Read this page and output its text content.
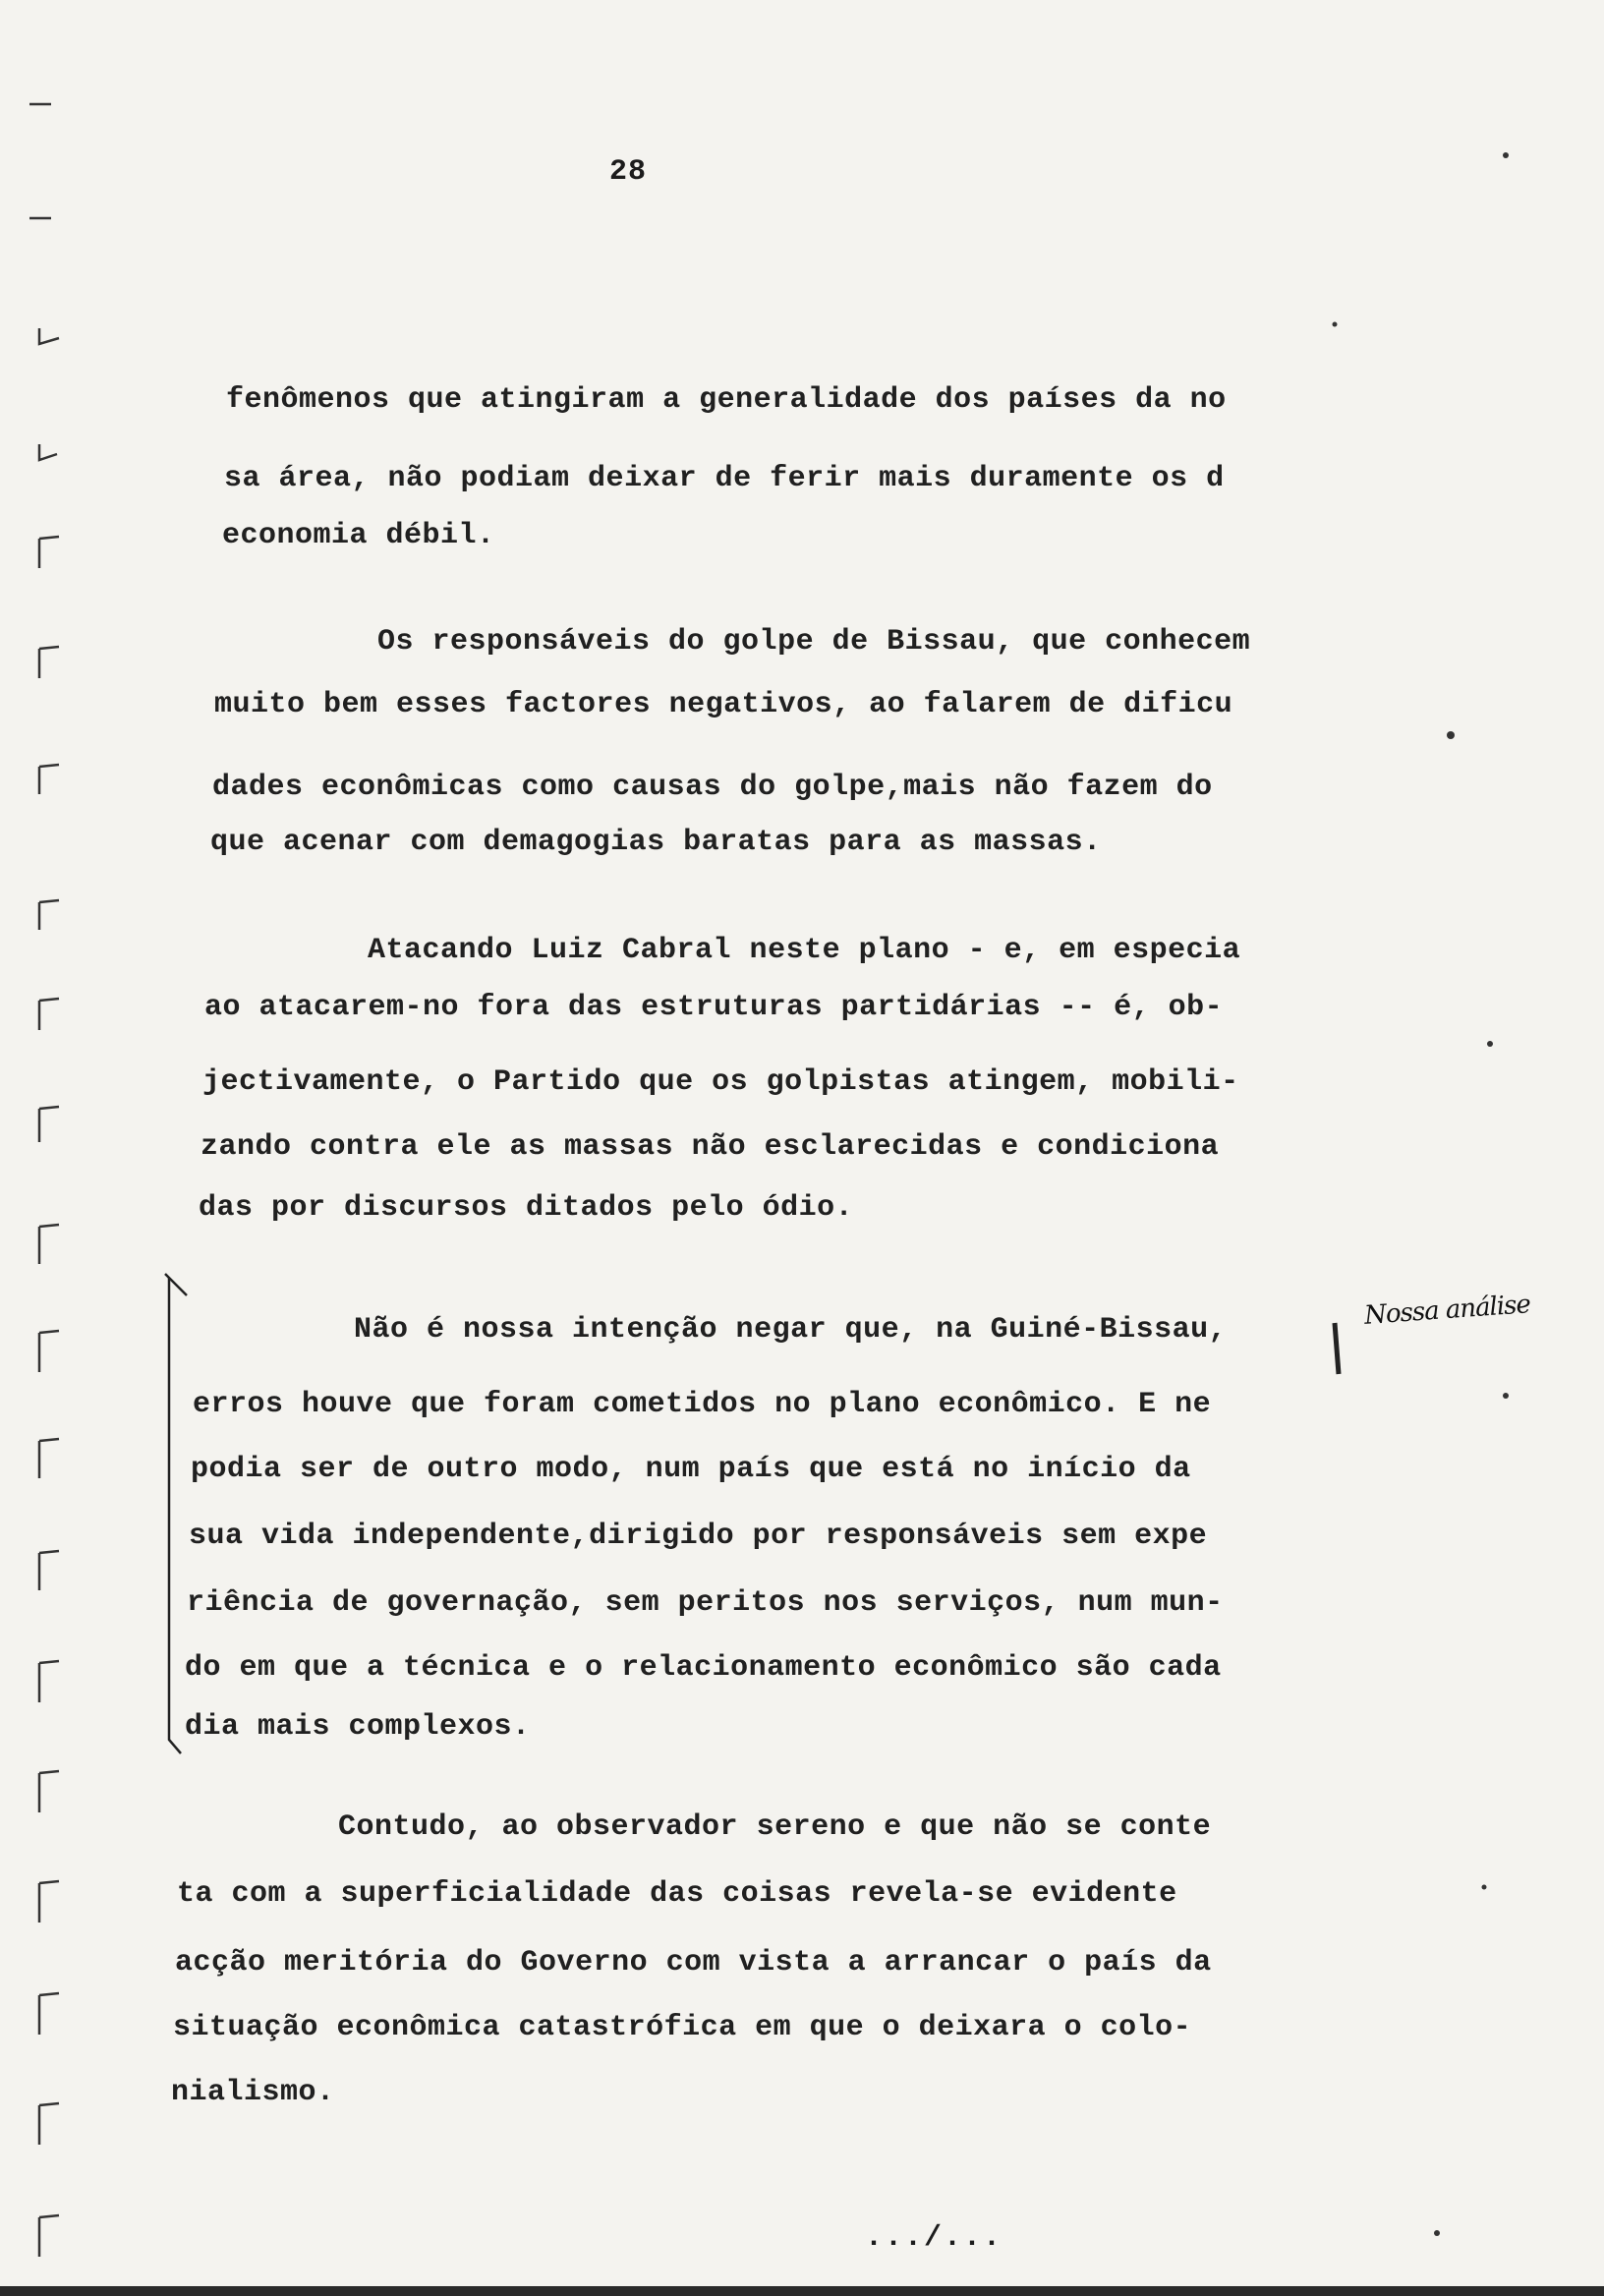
28
fenômenos que atingiram a generalidade dos países da no
sa área, não podiam deixar de ferir mais duramente os d
economia débil.
Os responsáveis do golpe de Bissau, que conhecem
muito bem esses factores negativos, ao falarem de dificu
dades econômicas como causas do golpe,mais não fazem do
que acenar com demagogias baratas para as massas.
Atacando Luiz Cabral neste plano - e, em especia
ao atacarem-no fora das estruturas partidárias -- é, ob-
jectivamente, o Partido que os golpistas atingem, mobili-
zando contra ele as massas não esclarecidas e condiciona
das por discursos ditados pelo ódio.
Não é nossa intenção negar que, na Guiné-Bissau,
erros houve que foram cometidos no plano econômico. E ne
podia ser de outro modo, num país que está no início da
sua vida independente,dirigido por responsáveis sem expe
riência de governação, sem peritos nos serviços, num mun-
do em que a técnica e o relacionamento econômico são cada
dia mais complexos.
Contudo, ao observador sereno e que não se conte
ta com a superficialidade das coisas revela-se evidente
acção meritória do Governo com vista a arrancar o país da
situação econômica catastrófica em que o deixara o colo-
nialismo.
Nossa análise
.../...
